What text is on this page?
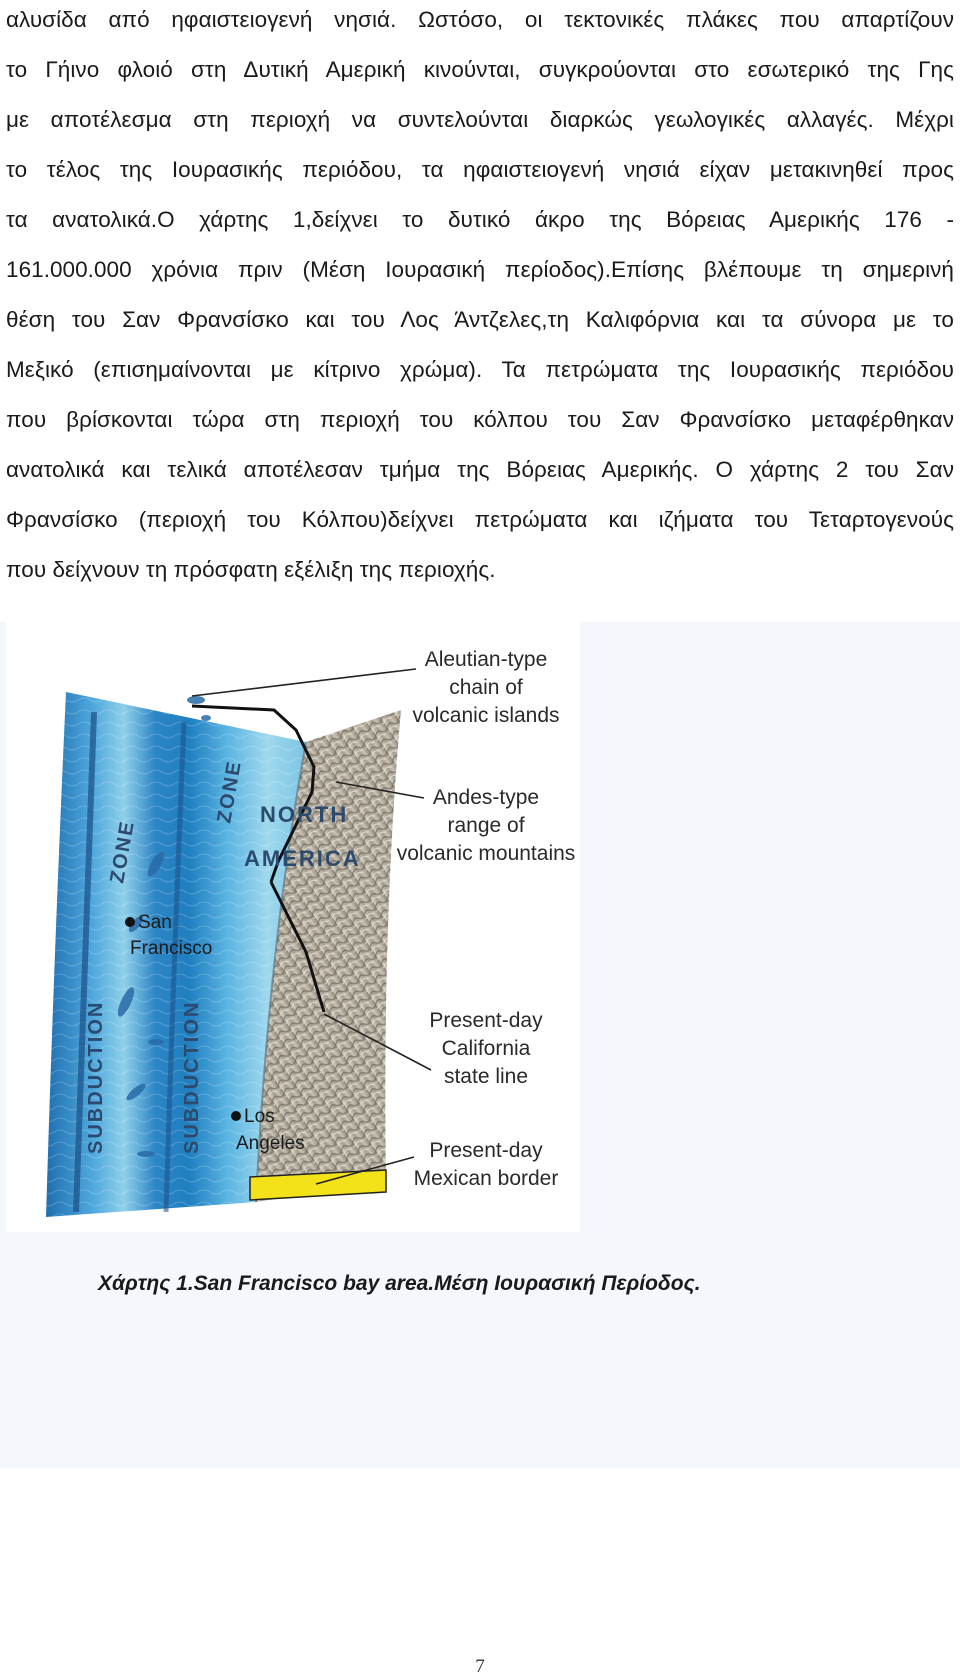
αλυσίδα από ηφαιστειογενή νησιά. Ωστόσο, οι τεκτονικές πλάκες που απαρτίζουν
το Γήινο φλοιό στη Δυτική Αμερική κινούνται, συγκρούονται στο εσωτερικό της Γης
με αποτέλεσμα στη περιοχή να συντελούνται διαρκώς γεωλογικές αλλαγές. Μέχρι
το τέλος της Ιουρασικής περιόδου, τα ηφαιστειογενή νησιά είχαν μετακινηθεί προς
τα ανατολικά.Ο χάρτης 1,δείχνει το δυτικό άκρο της Βόρειας Αμερικής 176 -
161.000.000 χρόνια πριν (Μέση Ιουρασική περίοδος).Επίσης βλέπουμε τη σημερινή
θέση του Σαν Φρανσίσκο και του Λος Άντζελες,τη Καλιφόρνια και τα σύνορα με το
Μεξικό (επισημαίνονται με κίτρινο χρώμα). Τα πετρώματα της Ιουρασικής περιόδου
που βρίσκονται τώρα στη περιοχή του κόλπου του Σαν Φρανσίσκο μεταφέρθηκαν
ανατολικά και τελικά αποτέλεσαν τμήμα της Βόρειας Αμερικής. Ο χάρτης 2 του Σαν
Φρανσίσκο (περιοχή του Κόλπου)δείχνει πετρώματα και ιζήματα του Τεταρτογενούς
που δείχνουν τη πρόσφατη εξέλιξη της περιοχής.
ZONE
ZONE
SUBDUCTION	SUBDUCTION
NORTH
AMERICA
San
Francisco
Los
Angeles
Aleutian-type
chain of
volcanic islands
Andes-type
range of
volcanic mountains
Present-day
California
state line
Present-day
Mexican border
Χάρτης 1.San Francisco bay area.Μέση Ιουρασική Περίοδος.
7
